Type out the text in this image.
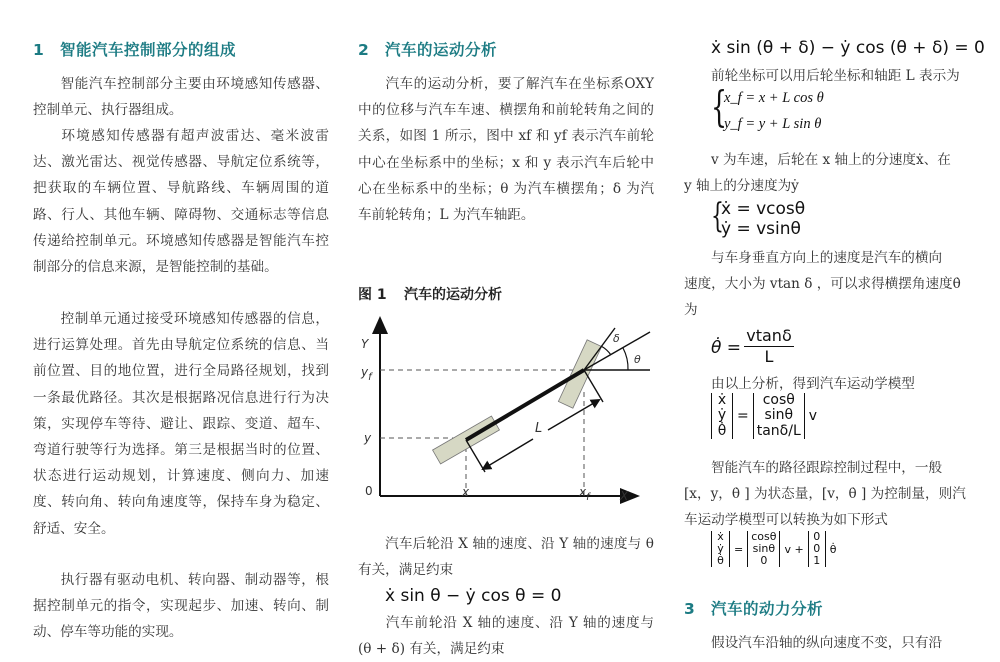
1 智能汽车控制部分的组成
智能汽车控制部分主要由环境感知传感器、控制单元、执行器组成。
环境感知传感器有超声波雷达、毫米波雷达、激光雷达、视觉传感器、导航定位系统等，把获取的车辆位置、导航路线、车辆周围的道路、行人、其他车辆、障碍物、交通标志等信息传递给控制单元。环境感知传感器是智能汽车控制部分的信息来源，是智能控制的基础。
控制单元通过接受环境感知传感器的信息，进行运算处理。首先由导航定位系统的信息、当前位置、目的地位置，进行全局路径规划，找到一条最优路径。其次是根据路况信息进行行为决策，实现停车等待、避让、跟踪、变道、超车、弯道行驶等行为选择。第三是根据当时的位置、状态进行运动规划，计算速度、侧向力、加速度、转向角、转向角速度等，保持车身为稳定、舒适、安全。
执行器有驱动电机、转向器、制动器等，根据控制单元的指令，实现起步、加速、转向、制动、停车等功能的实现。
2 汽车的运动分析
汽车的运动分析，要了解汽车在坐标系OXY 中的位移与汽车车速、横摆角和前轮转角之间的关系，如图 1 所示，图中 xf 和 yf 表示汽车前轮中心在坐标系中的坐标；x 和 y 表示汽车后轮中心在坐标系中的坐标；θ 为汽车横摆角；δ 为汽车前轮转角；L 为汽车轴距。
图 1 汽车的运动分析
Y
$y_f$
y
0	x	$x_f$	X
L
δ
θ
汽车后轮沿 X 轴的速度、沿 Y 轴的速度与 θ 有关，满足约束
ẋ sin θ − ẏ cos θ = 0
汽车前轮沿 X 轴的速度、沿 Y 轴的速度与 (θ + δ) 有关，满足约束
ẋ sin (θ + δ) − ẏ cos (θ + δ) = 0
前轮坐标可以用后轮坐标和轴距 L 表示为
{
x_f = x + L cos θ
y_f = y + L sin θ
v 为车速，后轮在 x 轴上的分速度ẋ、在
y 轴上的分速度为ẏ
{
ẋ = vcosθ
ẏ = vsinθ
与车身垂直方向上的速度是汽车的横向
速度，大小为 vtan δ ，可以求得横摆角速度θ̇
为
θ̇ = $\frac{vtan\delta}{L}$
由以上分析，得到汽车运动学模型
ẋ
ẏ
θ̇
=
cosθ
sinθ
tanδ/L
v
智能汽车的路径跟踪控制过程中，一般
[x，y，θ̇ ] 为状态量，[v，θ̇ ] 为控制量，则汽
车运动学模型可以转换为如下形式
ẋ
ẏ
θ̇
=
cosθ
sinθ
0
v +
0
0
1
θ̇
3 汽车的动力分析
假设汽车沿轴的纵向速度不变，只有沿
